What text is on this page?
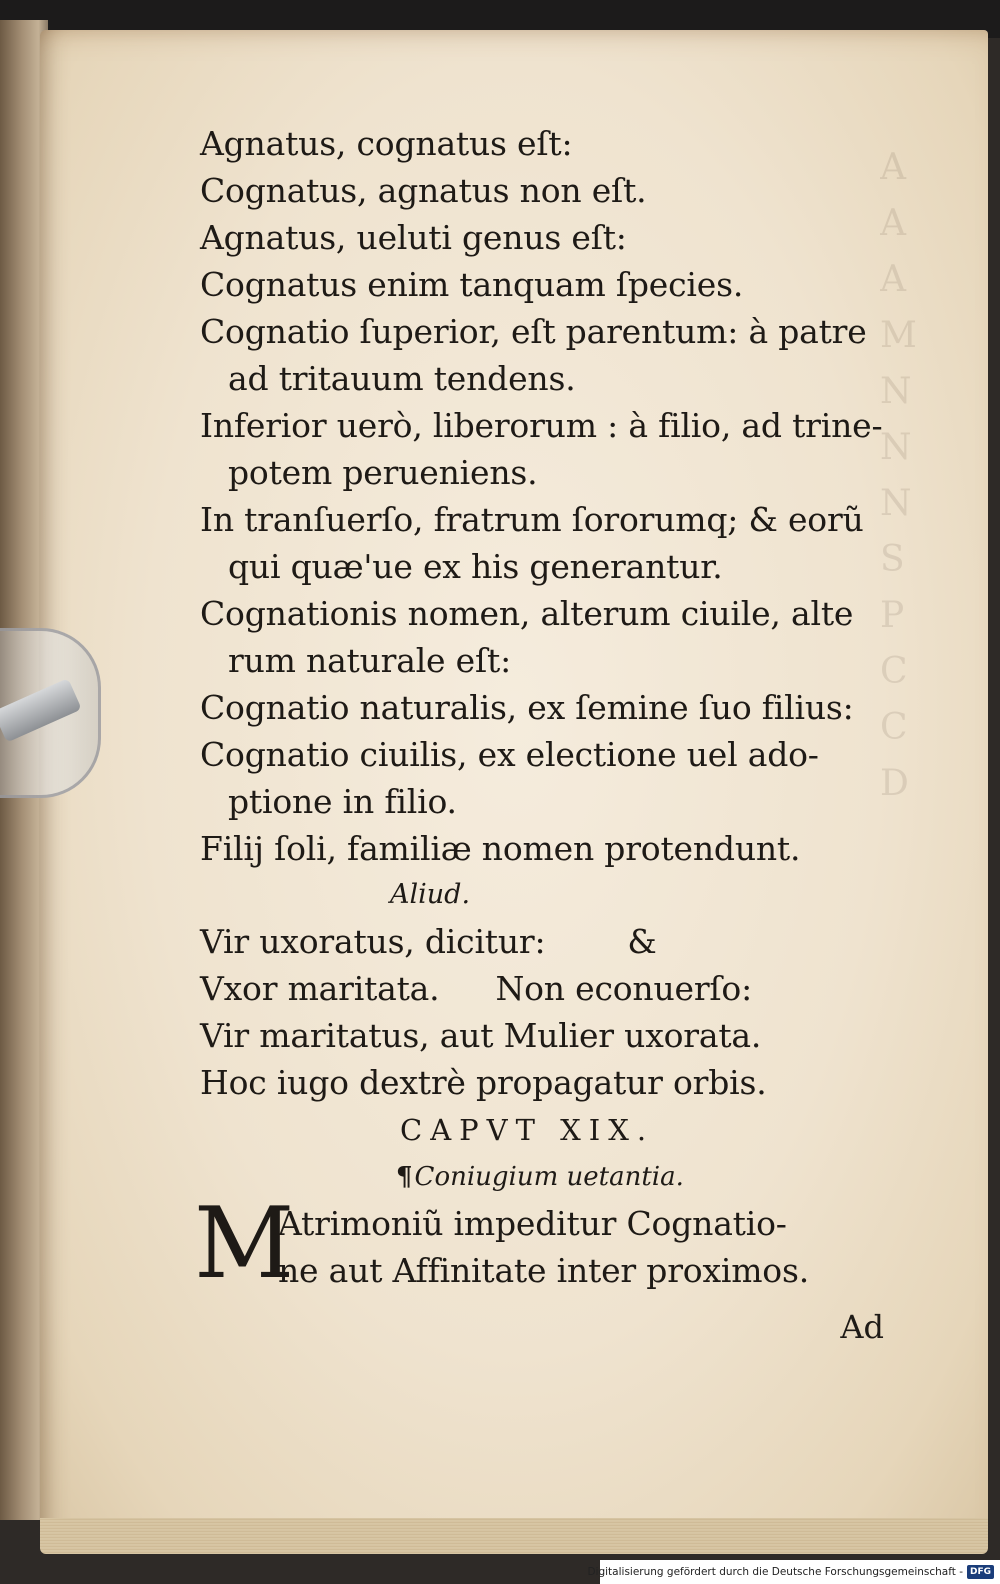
A
A
A
M
N
N
N
S
P
C
C
D
Agnatus, cognatus eſt:
Cognatus, agnatus non eſt.
Agnatus, ueluti genus eſt:
Cognatus enim tanquam ſpecies.
Cognatio ſuperior, eſt parentum: à patre
ad tritauum tendens.
Inferior uerò, liberorum : à filio, ad trine-
potem perueniens.
In tranſuerſo, fratrum ſororumq; & eorũ
qui quæ'ue ex his generantur.
Cognationis nomen, alterum ciuile, alte
rum naturale eſt:
Cognatio naturalis, ex ſemine ſuo filius:
Cognatio ciuilis, ex electione uel ado-
ptione in filio.
Filij ſoli, familiæ nomen protendunt.
Aliud.
Vir uxoratus, dicitur: &
Vxor maritata. Non econuerſo:
Vir maritatus, aut Mulier uxorata.
Hoc iugo dextrè propagatur orbis.
CAPVT XIX.
¶Coniugium uetantia.
M
Atrimoniũ impeditur Cognatio-
ne aut Affinitate inter proximos.
Ad
Digitalisierung gefördert durch die Deutsche Forschungsgemeinschaft - DFG
